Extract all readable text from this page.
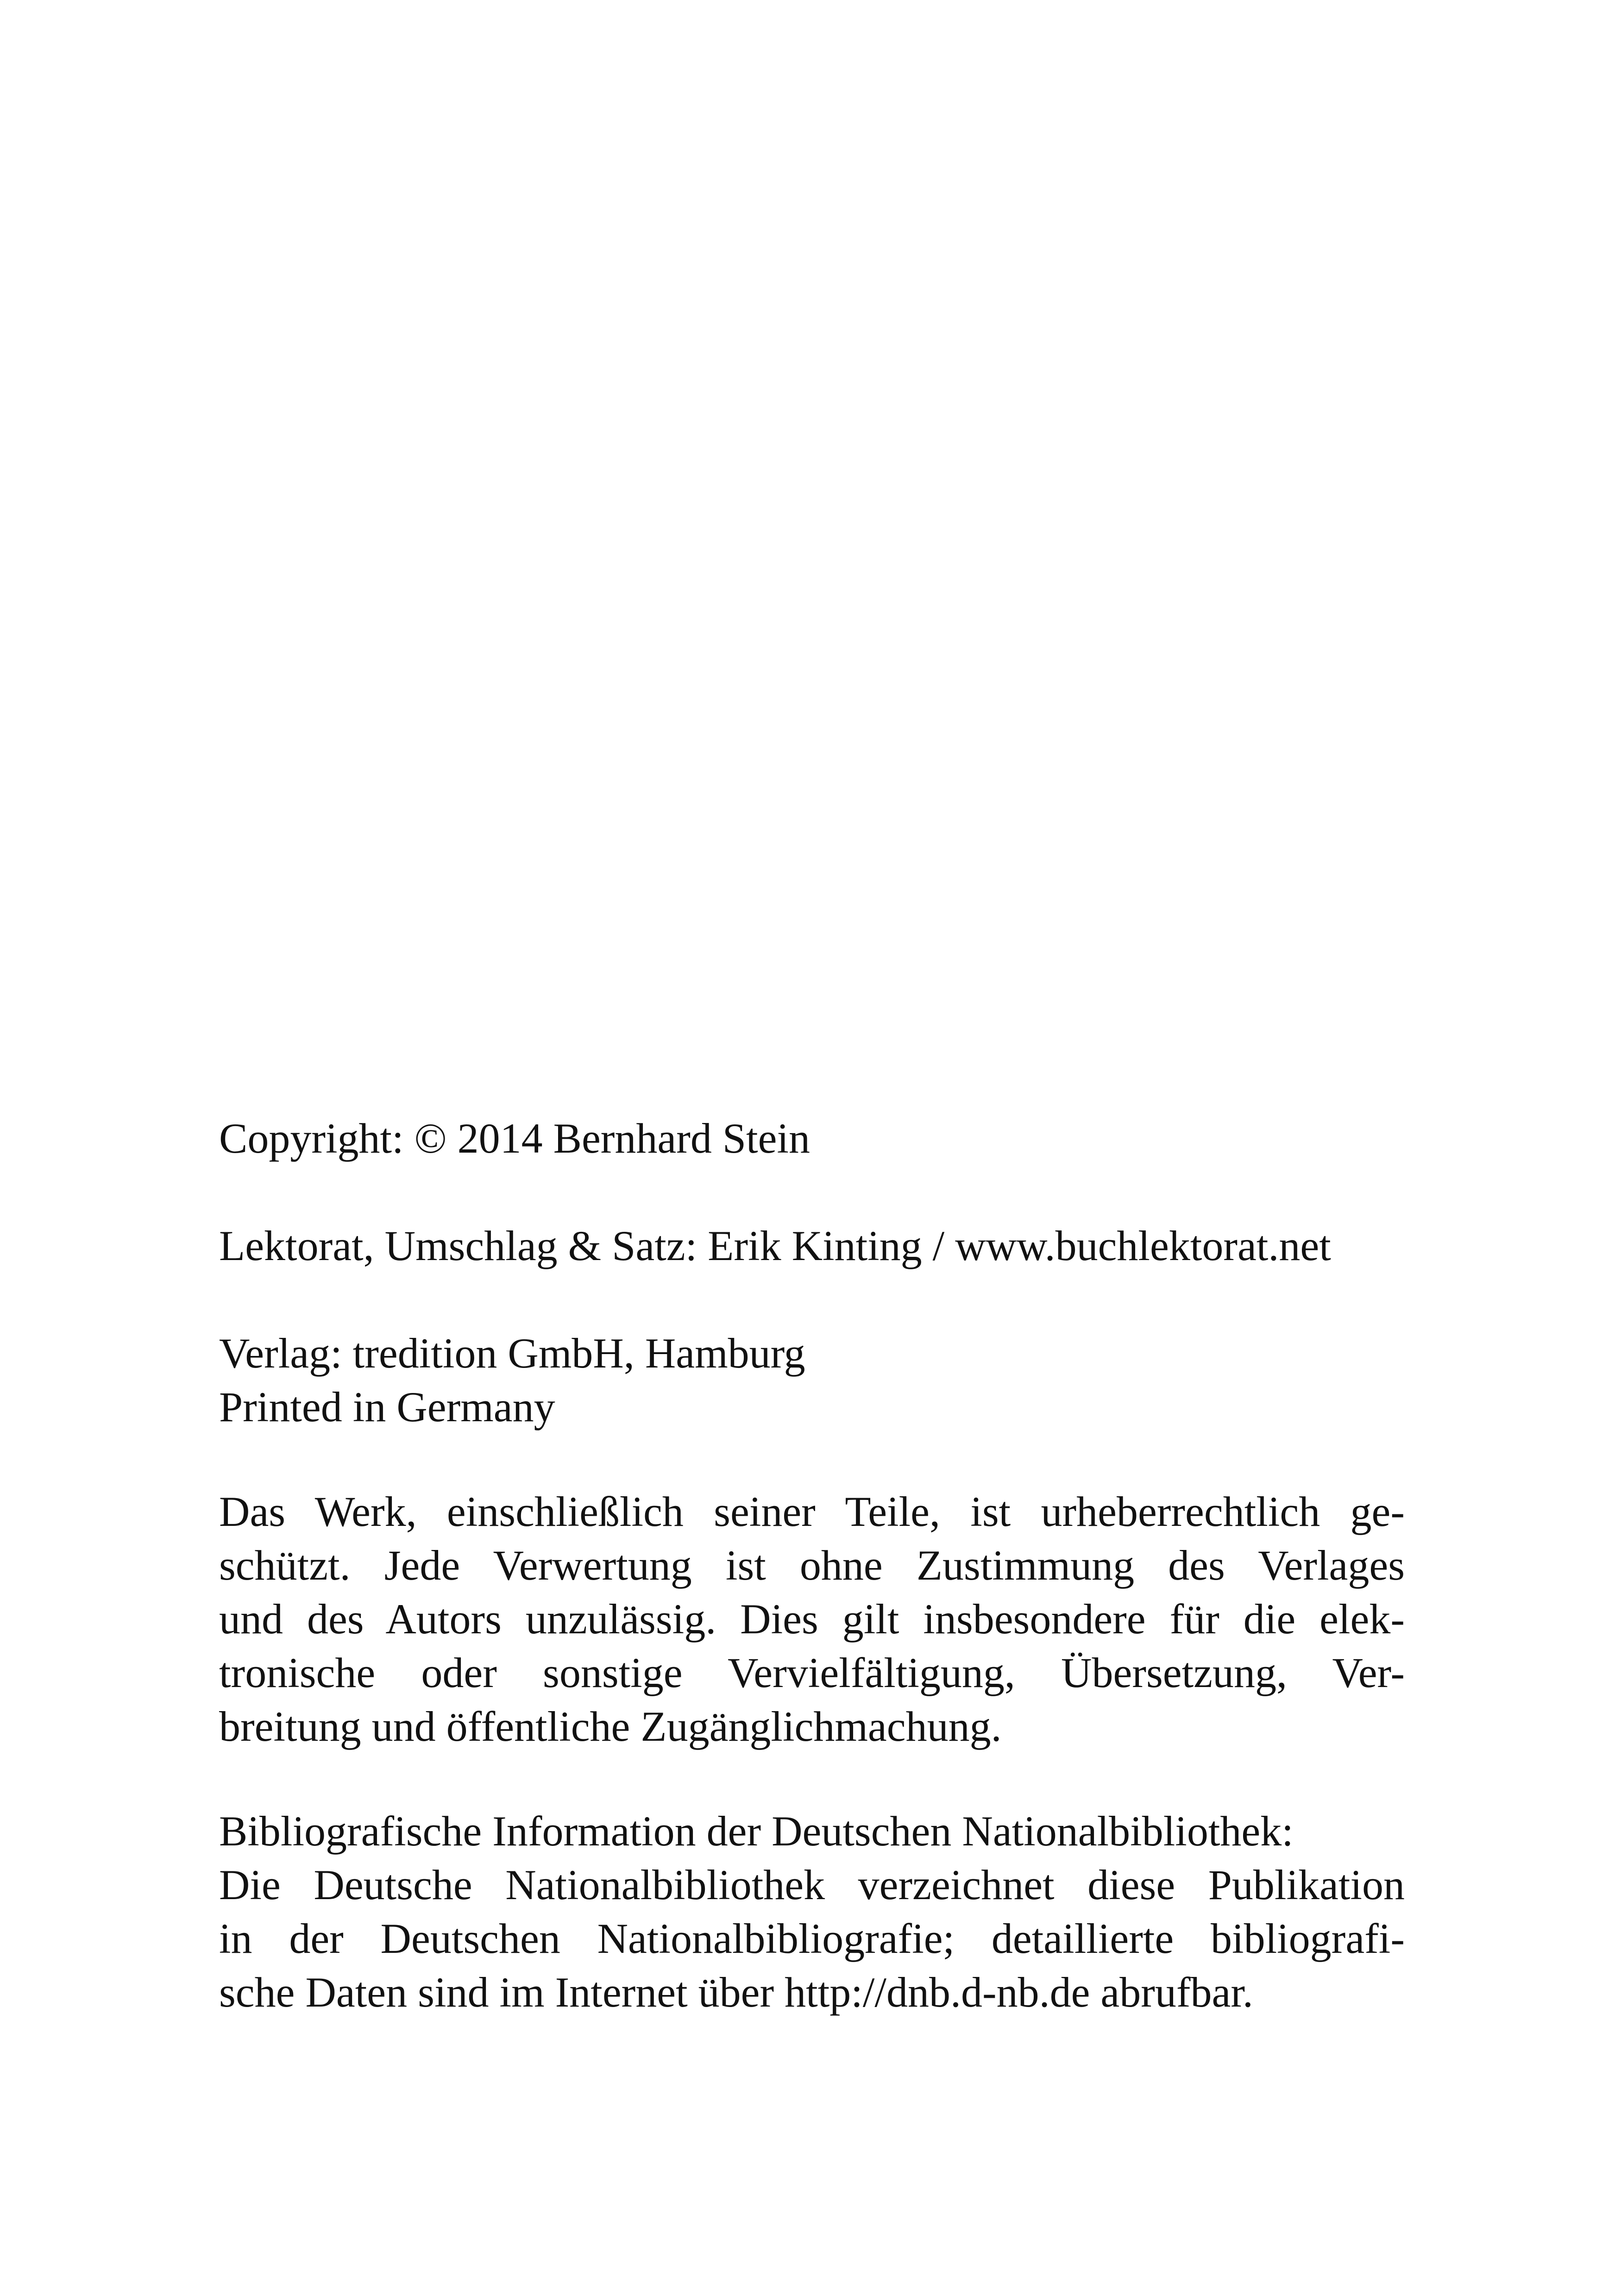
Copyright: © 2014 Bernhard Stein
Lektorat, Umschlag & Satz: Erik Kinting / www.buchlektorat.net
Verlag: tredition GmbH, Hamburg
Printed in Germany
Das Werk, einschließlich seiner Teile, ist urheberrechtlich ge-
schützt. Jede Verwertung ist ohne Zustimmung des Verlages
und des Autors unzulässig. Dies gilt insbesondere für die elek-
tronische oder sonstige Vervielfältigung, Übersetzung, Ver-
breitung und öffentliche Zugänglichmachung.
Bibliografische Information der Deutschen Nationalbibliothek:
Die Deutsche Nationalbibliothek verzeichnet diese Publikation
in der Deutschen Nationalbibliografie; detaillierte bibliografi-
sche Daten sind im Internet über http://dnb.d-nb.de abrufbar.
